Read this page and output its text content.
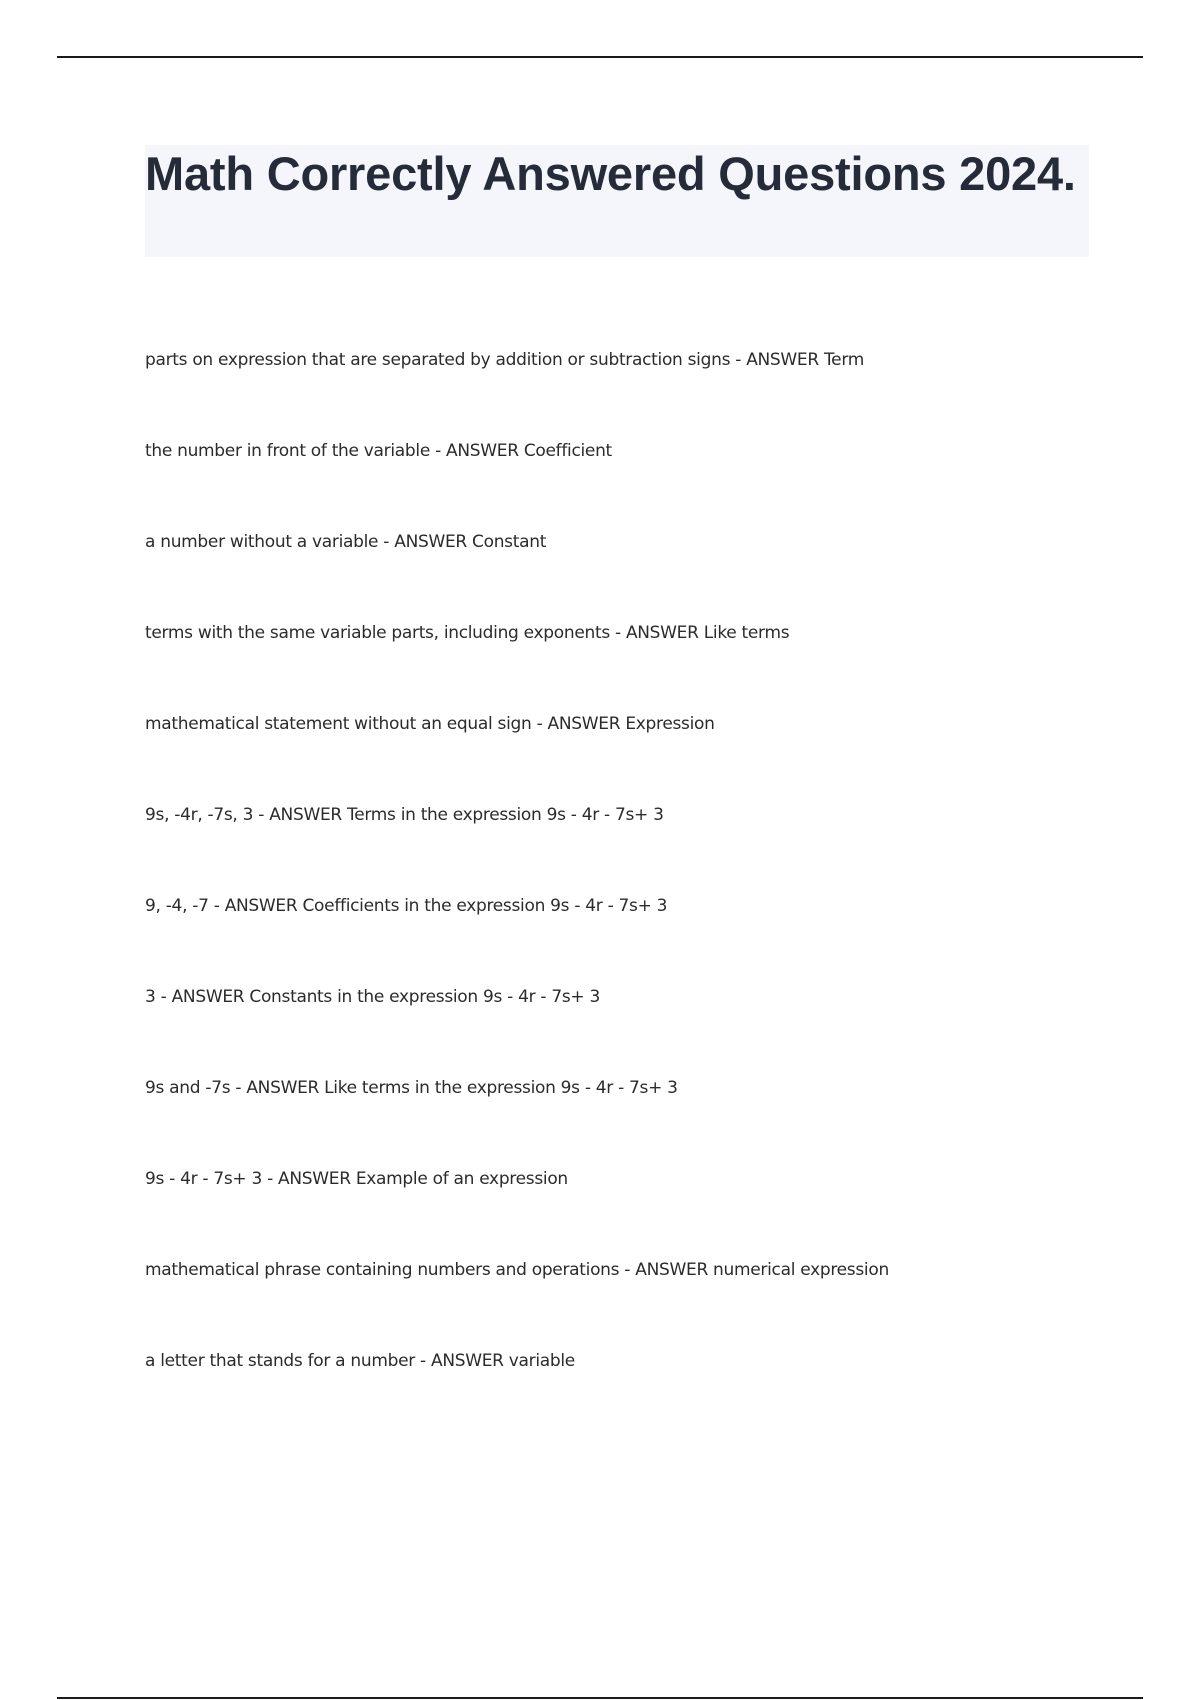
Math Correctly Answered Questions 2024.
parts on expression that are separated by addition or subtraction signs - ANSWER Term
the number in front of the variable - ANSWER Coefficient
a number without a variable - ANSWER Constant
terms with the same variable parts, including exponents - ANSWER Like terms
mathematical statement without an equal sign - ANSWER Expression
9s, -4r, -7s, 3 - ANSWER Terms in the expression 9s - 4r - 7s+ 3
9, -4, -7 - ANSWER Coefficients in the expression 9s - 4r - 7s+ 3
3 - ANSWER Constants in the expression 9s - 4r - 7s+ 3
9s and -7s - ANSWER Like terms in the expression 9s - 4r - 7s+ 3
9s - 4r - 7s+ 3 - ANSWER Example of an expression
mathematical phrase containing numbers and operations - ANSWER numerical expression
a letter that stands for a number - ANSWER variable
